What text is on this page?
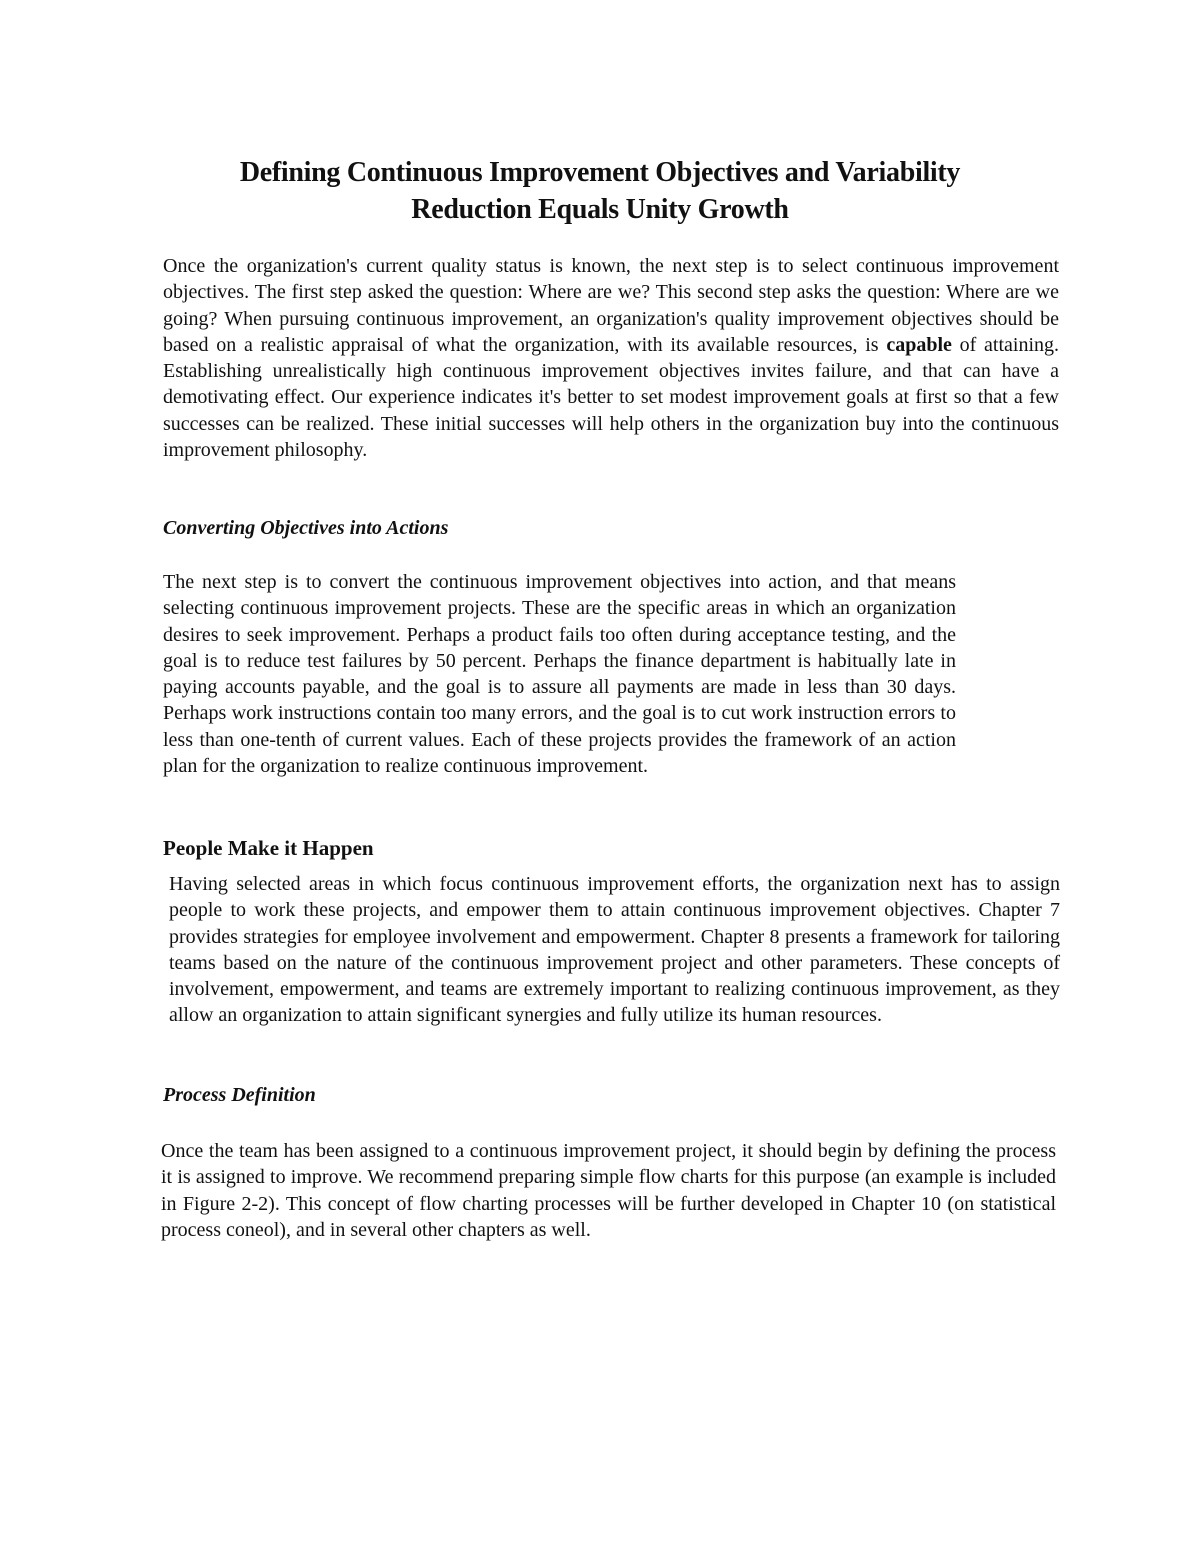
Defining Continuous Improvement Objectives and Variability
Reduction Equals Unity Growth

Once the organization's current quality status is known, the next step is to select continuous improvement objectives. The first step asked the question: Where are we? This second step asks the question: Where are we going? When pursuing continuous improvement, an organization's quality improvement objectives should be based on a realistic appraisal of what the organization, with its available resources, is capable of attaining. Establishing unrealistically high continuous improvement objectives invites failure, and that can have a demotivating effect. Our experience indicates it's better to set modest improvement goals at first so that a few successes can be realized. These initial successes will help others in the organization buy into the continuous improvement philosophy.

Converting Objectives into Actions

The next step is to convert the continuous improvement objectives into action, and that means selecting continuous improvement projects. These are the specific areas in which an organization desires to seek improvement. Perhaps a product fails too often during acceptance testing, and the goal is to reduce test failures by 50 percent. Perhaps the finance department is habitually late in paying accounts payable, and the goal is to assure all payments are made in less than 30 days. Perhaps work instructions contain too many errors, and the goal is to cut work instruction errors to less than one-tenth of current values. Each of these projects provides the framework of an action plan for the organization to realize continuous improvement.

People Make it Happen

Having selected areas in which focus continuous improvement efforts, the organization next has to assign people to work these projects, and empower them to attain continuous improvement objectives. Chapter 7 provides strategies for employee involvement and empowerment. Chapter 8 presents a framework for tailoring teams based on the nature of the continuous improvement project and other parameters. These concepts of involvement, empowerment, and teams are extremely important to realizing continuous improvement, as they allow an organization to attain significant synergies and fully utilize its human resources.

Process Definition

Once the team has been assigned to a continuous improvement project, it should begin by defining the process it is assigned to improve. We recommend preparing simple flow charts for this purpose (an example is included in Figure 2-2). This concept of flow charting processes will be further developed in Chapter 10 (on statistical process coneol), and in several other chapters as well.
